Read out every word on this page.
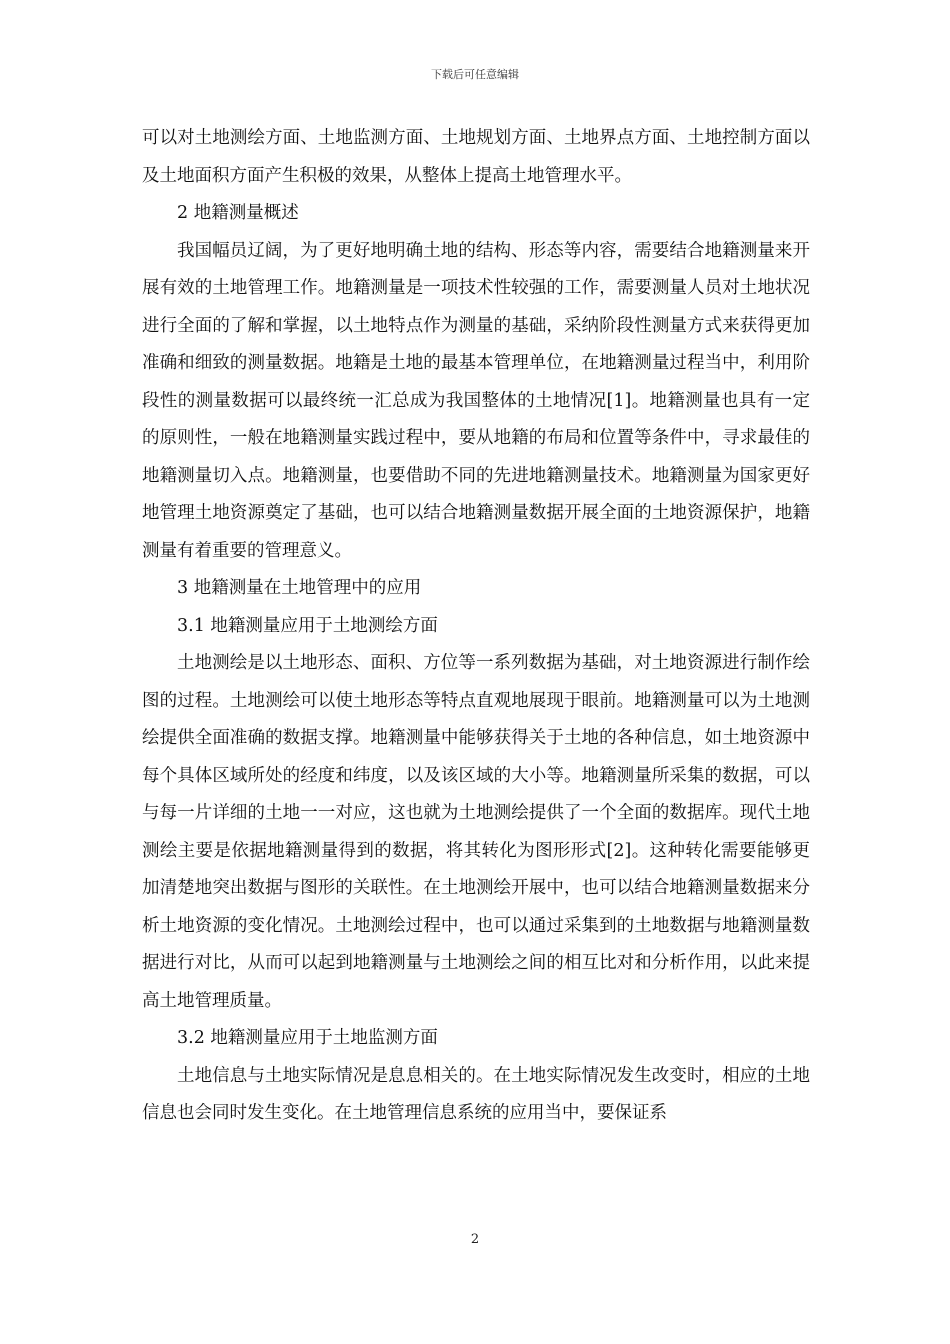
下载后可任意编辑

可以对土地测绘方面、土地监测方面、土地规划方面、土地界点方面、土地控制方面以及土地面积方面产生积极的效果，从整体上提高土地管理水平。

2 地籍测量概述

我国幅员辽阔，为了更好地明确土地的结构、形态等内容，需要结合地籍测量来开展有效的土地管理工作。地籍测量是一项技术性较强的工作，需要测量人员对土地状况进行全面的了解和掌握，以土地特点作为测量的基础，采纳阶段性测量方式来获得更加准确和细致的测量数据。地籍是土地的最基本管理单位，在地籍测量过程当中，利用阶段性的测量数据可以最终统一汇总成为我国整体的土地情况[1]。地籍测量也具有一定的原则性，一般在地籍测量实践过程中，要从地籍的布局和位置等条件中，寻求最佳的地籍测量切入点。地籍测量，也要借助不同的先进地籍测量技术。地籍测量为国家更好地管理土地资源奠定了基础，也可以结合地籍测量数据开展全面的土地资源保护，地籍测量有着重要的管理意义。

3 地籍测量在土地管理中的应用

3.1 地籍测量应用于土地测绘方面

土地测绘是以土地形态、面积、方位等一系列数据为基础，对土地资源进行制作绘图的过程。土地测绘可以使土地形态等特点直观地展现于眼前。地籍测量可以为土地测绘提供全面准确的数据支撑。地籍测量中能够获得关于土地的各种信息，如土地资源中每个具体区域所处的经度和纬度，以及该区域的大小等。地籍测量所采集的数据，可以与每一片详细的土地一一对应，这也就为土地测绘提供了一个全面的数据库。现代土地测绘主要是依据地籍测量得到的数据，将其转化为图形形式[2]。这种转化需要能够更加清楚地突出数据与图形的关联性。在土地测绘开展中，也可以结合地籍测量数据来分析土地资源的变化情况。土地测绘过程中，也可以通过采集到的土地数据与地籍测量数据进行对比，从而可以起到地籍测量与土地测绘之间的相互比对和分析作用，以此来提高土地管理质量。

3.2 地籍测量应用于土地监测方面

土地信息与土地实际情况是息息相关的。在土地实际情况发生改变时，相应的土地信息也会同时发生变化。在土地管理信息系统的应用当中，要保证系

2
